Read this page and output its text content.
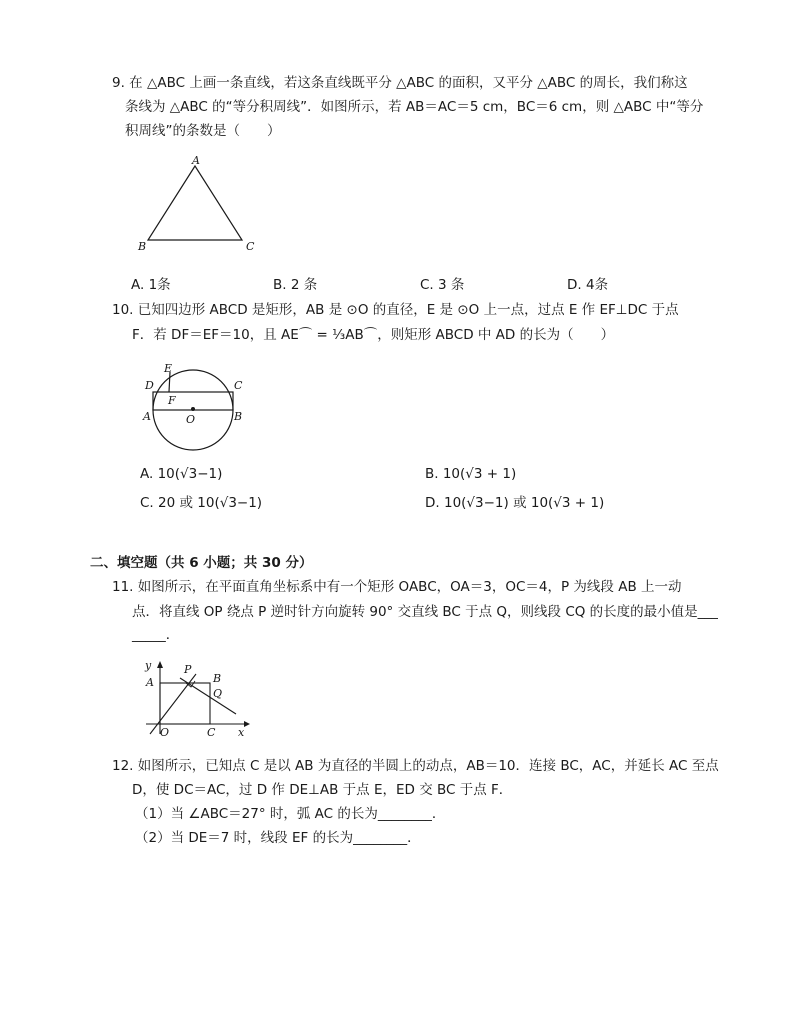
9. 在 △ABC 上画一条直线，若这条直线既平分 △ABC 的面积，又平分 △ABC 的周长，我们称这
条线为 △ABC 的“等分积周线”．如图所示，若 AB＝AC＝5 cm，BC＝6 cm，则 △ABC 中“等分
积周线”的条数是（　　）
A
B	C
A. 1条	B. 2 条	C. 3 条	D. 4条
10. 已知四边形 ABCD 是矩形，AB 是 ⊙O 的直径，E 是 ⊙O 上一点，过点 E 作 EF⊥DC 于点
F．若 DF＝EF＝10，且 AE⌒ = ⅓AB⌒，则矩形 ABCD 中 AD 的长为（　　）
E
D	C
F
A	O	B
A. 10(√3−1)	B. 10(√3 + 1)
C. 20 或 10(√3−1)	D. 10(√3−1) 或 10(√3 + 1)
二、填空题（共 6 小题；共 30 分）
11. 如图所示，在平面直角坐标系中有一个矩形 OABC，OA＝3，OC＝4，P 为线段 AB 上一动
点．将直线 OP 绕点 P 逆时针方向旋转 90° 交直线 BC 于点 Q，则线段 CQ 的长度的最小值是___
_____．
y
A
P
B
Q
O	C x
12. 如图所示，已知点 C 是以 AB 为直径的半圆上的动点，AB＝10．连接 BC，AC，并延长 AC 至点
D，使 DC＝AC，过 D 作 DE⊥AB 于点 E，ED 交 BC 于点 F．
（1）当 ∠ABC＝27° 时，弧 AC 的长为________．
（2）当 DE＝7 时，线段 EF 的长为________．
